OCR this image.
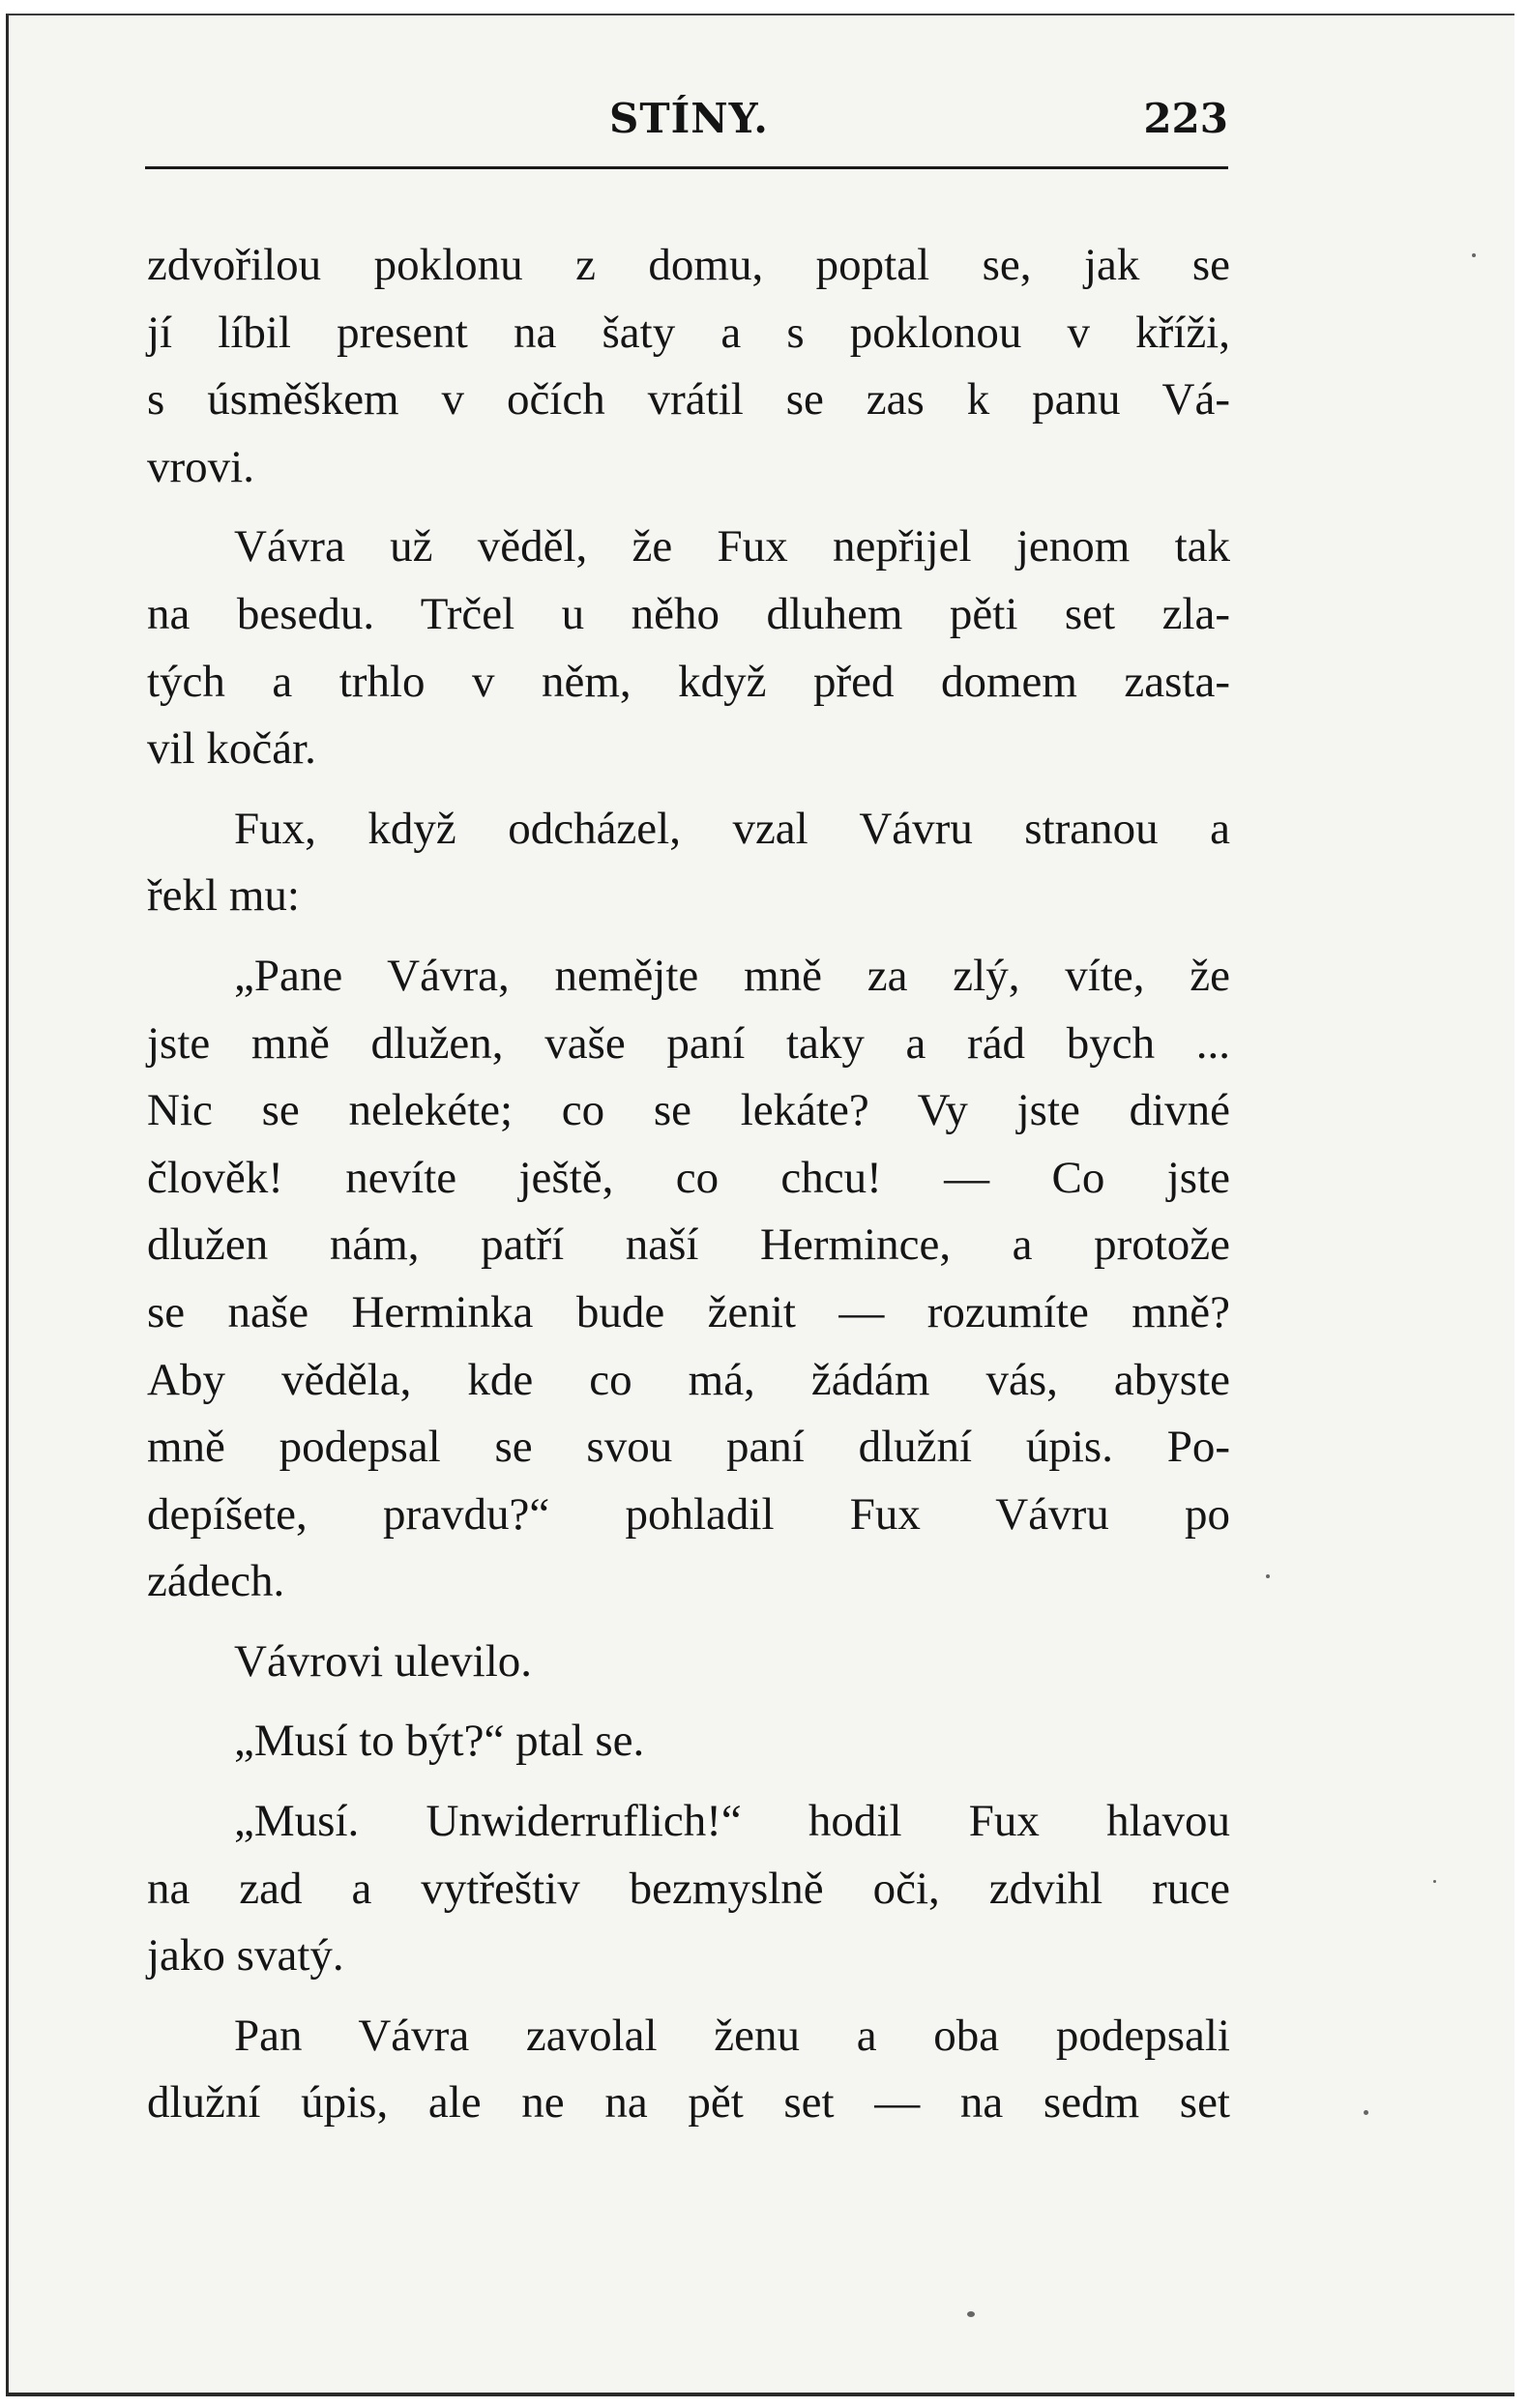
STÍNY.	223
zdvořilou poklonu z domu, poptal se, jak se
jí líbil present na šaty a s poklonou v kříži,
s úsměškem v očích vrátil se zas k panu Vá-
vrovi.
Vávra už věděl, že Fux nepřijel jenom tak
na besedu. Trčel u něho dluhem pěti set zla-
tých a trhlo v něm, když před domem zasta-
vil kočár.
Fux, když odcházel, vzal Vávru stranou a
řekl mu:
„Pane Vávra, nemějte mně za zlý, víte, že
jste mně dlužen, vaše paní taky a rád bych ...
Nic se nelekéte; co se lekáte? Vy jste divné
člověk! nevíte ještě, co chcu! — Co jste
dlužen nám, patří naší Hermince, a protože
se naše Herminka bude ženit — rozumíte mně?
Aby věděla, kde co má, žádám vás, abyste
mně podepsal se svou paní dlužní úpis. Po-
depíšete, pravdu?“ pohladil Fux Vávru po
zádech.
Vávrovi ulevilo.
„Musí to být?“ ptal se.
„Musí. Unwiderruflich!“ hodil Fux hlavou
na zad a vytřeštiv bezmyslně oči, zdvihl ruce
jako svatý.
Pan Vávra zavolal ženu a oba podepsali
dlužní úpis, ale ne na pět set — na sedm set
